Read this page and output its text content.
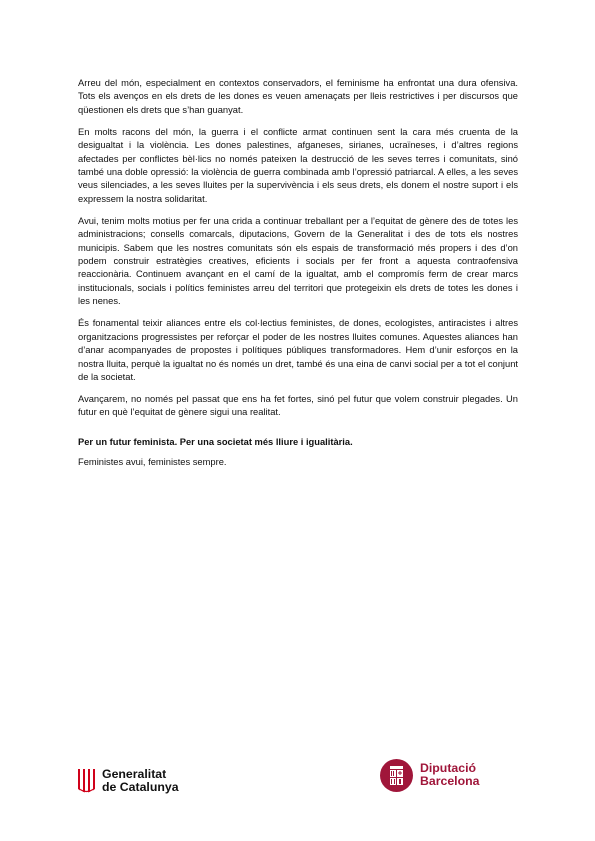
Arreu del món, especialment en contextos conservadors, el feminisme ha enfrontat una dura ofensiva. Tots els avenços en els drets de les dones es veuen amenaçats per lleis restrictives i per discursos que qüestionen els drets que s’han guanyat.

En molts racons del món, la guerra i el conflicte armat continuen sent la cara més cruenta de la desigualtat i la violència. Les dones palestines, afganeses, sirianes, ucraïneses, i d’altres regions afectades per conflictes bèl·lics no només pateixen la destrucció de les seves terres i comunitats, sinó també una doble opressió: la violència de guerra combinada amb l’opressió patriarcal. A elles, a les seves veus silenciades, a les seves lluites per la supervivència i els seus drets, els donem el nostre suport i els expressem la nostra solidaritat.

Avui, tenim molts motius per fer una crida a continuar treballant per a l’equitat de gènere des de totes les administracions; consells comarcals, diputacions, Govern de la Generalitat i des de tots els nostres municipis. Sabem que les nostres comunitats són els espais de transformació més propers i des d’on podem construir estratègies creatives, eficients i socials per fer front a aquesta contraofensiva reaccionària. Continuem avançant en el camí de la igualtat, amb el compromís ferm de crear marcs institucionals, socials i polítics feministes arreu del territori que protegeixin els drets de totes les dones i les nenes.

És fonamental teixir aliances entre els col·lectius feministes, de dones, ecologistes, antiracistes i altres organitzacions progressistes per reforçar el poder de les nostres lluites comunes. Aquestes aliances han d’anar acompanyades de propostes i polítiques públiques transformadores. Hem d’unir esforços en la nostra lluita, perquè la igualtat no és només un dret, també és una eina de canvi social per a tot el conjunt de la societat.

Avançarem, no només pel passat que ens ha fet fortes, sinó pel futur que volem construir plegades. Un futur en què l’equitat de gènere sigui una realitat.

Per un futur feminista. Per una societat més lliure i igualitària.

Feministes avui, feministes sempre.

Generalitat
de Catalunya
Diputació
Barcelona
